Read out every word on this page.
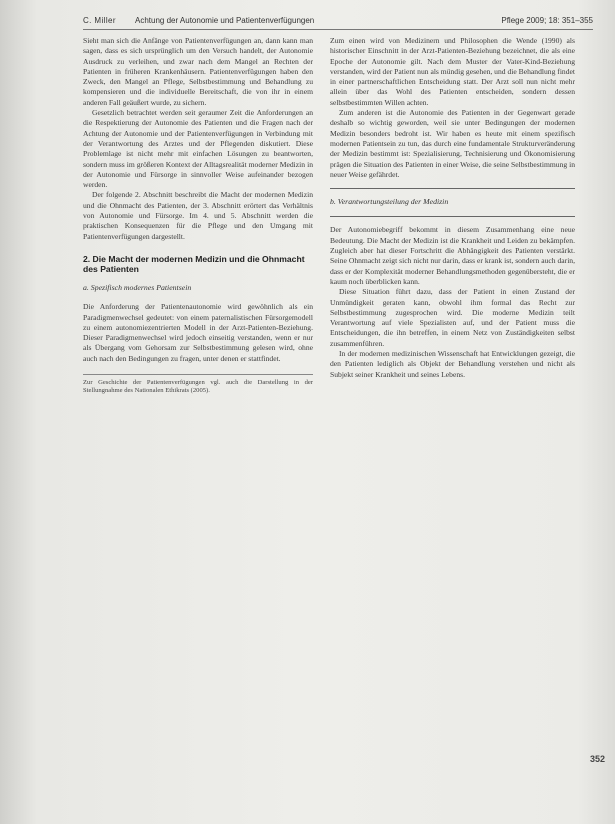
C. Miller Achtung der Autonomie und Patientenverfügungen	Pflege 2009; 18: 351–355

Sieht man sich die Anfänge von Patientenverfügungen an, dann kann man sagen, dass es sich ursprünglich um den Versuch handelt, der Autonomie Ausdruck zu verleihen, und zwar nach dem Mangel an Rechten der Patienten in früheren Krankenhäusern. Patientenverfügungen haben den Zweck, den Mangel an Pflege, Selbstbestimmung und Behandlung zu kompensieren und die individuelle Bereitschaft, die von ihr in einem anderen Fall geäußert wurde, zu sichern.

Gesetzlich betrachtet werden seit geraumer Zeit die Anforderungen an die Respektierung der Autonomie des Patienten und die Fragen nach der Achtung der Autonomie und der Patientenverfügungen in Verbindung mit der Verantwortung des Arztes und der Pflegenden diskutiert. Diese Problemlage ist nicht mehr mit einfachen Lösungen zu beantworten, sondern muss im größeren Kontext der Alltagsrealität moderner Medizin in der Autonomie und Fürsorge in sinnvoller Weise aufeinander bezogen werden.

Der folgende 2. Abschnitt beschreibt die Macht der modernen Medizin und die Ohnmacht des Patienten, der 3. Abschnitt erörtert das Verhältnis von Autonomie und Fürsorge. Im 4. und 5. Abschnitt werden die praktischen Konsequenzen für die Pflege und den Umgang mit Patientenverfügungen dargestellt.

2. Die Macht der modernen Medizin und die Ohnmacht des Patienten
a. Spezifisch modernes Patientsein

Die Anforderung der Patientenautonomie wird gewöhnlich als ein Paradigmenwechsel gedeutet: von einem paternalistischen Fürsorgemodell zu einem autonomiezentrierten Modell in der Arzt-Patienten-Beziehung. Dieser Paradigmenwechsel wird jedoch einseitig verstanden, wenn er nur als Übergang vom Gehorsam zur Selbstbestimmung gelesen wird, ohne auch nach den Bedingungen zu fragen, unter denen er stattfindet.

Zur Geschichte der Patientenverfügungen vgl. auch die Darstellung in der Stellungnahme des Nationalen Ethikrats (2005).

Zum einen wird von Medizinern und Philosophen die Wende (1990) als historischer Einschnitt in der Arzt-Patienten-Beziehung bezeichnet, die als eine Epoche der Autonomie gilt. Nach dem Muster der Vater-Kind-Beziehung verstanden, wird der Patient nun als mündig gesehen, und die Behandlung findet in einer partnerschaftlichen Entscheidung statt. Der Arzt soll nun nicht mehr allein über das Wohl des Patienten entscheiden, sondern dessen selbstbestimmten Willen achten.

Zum anderen ist die Autonomie des Patienten in der Gegenwart gerade deshalb so wichtig geworden, weil sie unter Bedingungen der modernen Medizin besonders bedroht ist. Wir haben es heute mit einem spezifisch modernen Patientsein zu tun, das durch eine fundamentale Strukturveränderung der Medizin bestimmt ist: Spezialisierung, Technisierung und Ökonomisierung prägen die Situation des Patienten in einer Weise, die seine Selbstbestimmung in neuer Weise gefährdet.

b. Verantwortungsteilung der Medizin

Der Autonomiebegriff bekommt in diesem Zusammenhang eine neue Bedeutung. Die Macht der Medizin ist die Krankheit und Leiden zu bekämpfen. Zugleich aber hat dieser Fortschritt die Abhängigkeit des Patienten verstärkt. Seine Ohnmacht zeigt sich nicht nur darin, dass er krank ist, sondern auch darin, dass er der Komplexität moderner Behandlungsmethoden gegenübersteht, die er kaum noch überblicken kann.

Diese Situation führt dazu, dass der Patient in einen Zustand der Unmündigkeit geraten kann, obwohl ihm formal das Recht zur Selbstbestimmung zugesprochen wird. Die moderne Medizin teilt Verantwortung auf viele Spezialisten auf, und der Patient muss die Entscheidungen, die ihn betreffen, in einem Netz von Zuständigkeiten selbst zusammenführen.

In der modernen medizinischen Wissenschaft hat Entwicklungen gezeigt, die den Patienten lediglich als Objekt der Behandlung verstehen und nicht als Subjekt seiner Krankheit und seines Lebens.

352
